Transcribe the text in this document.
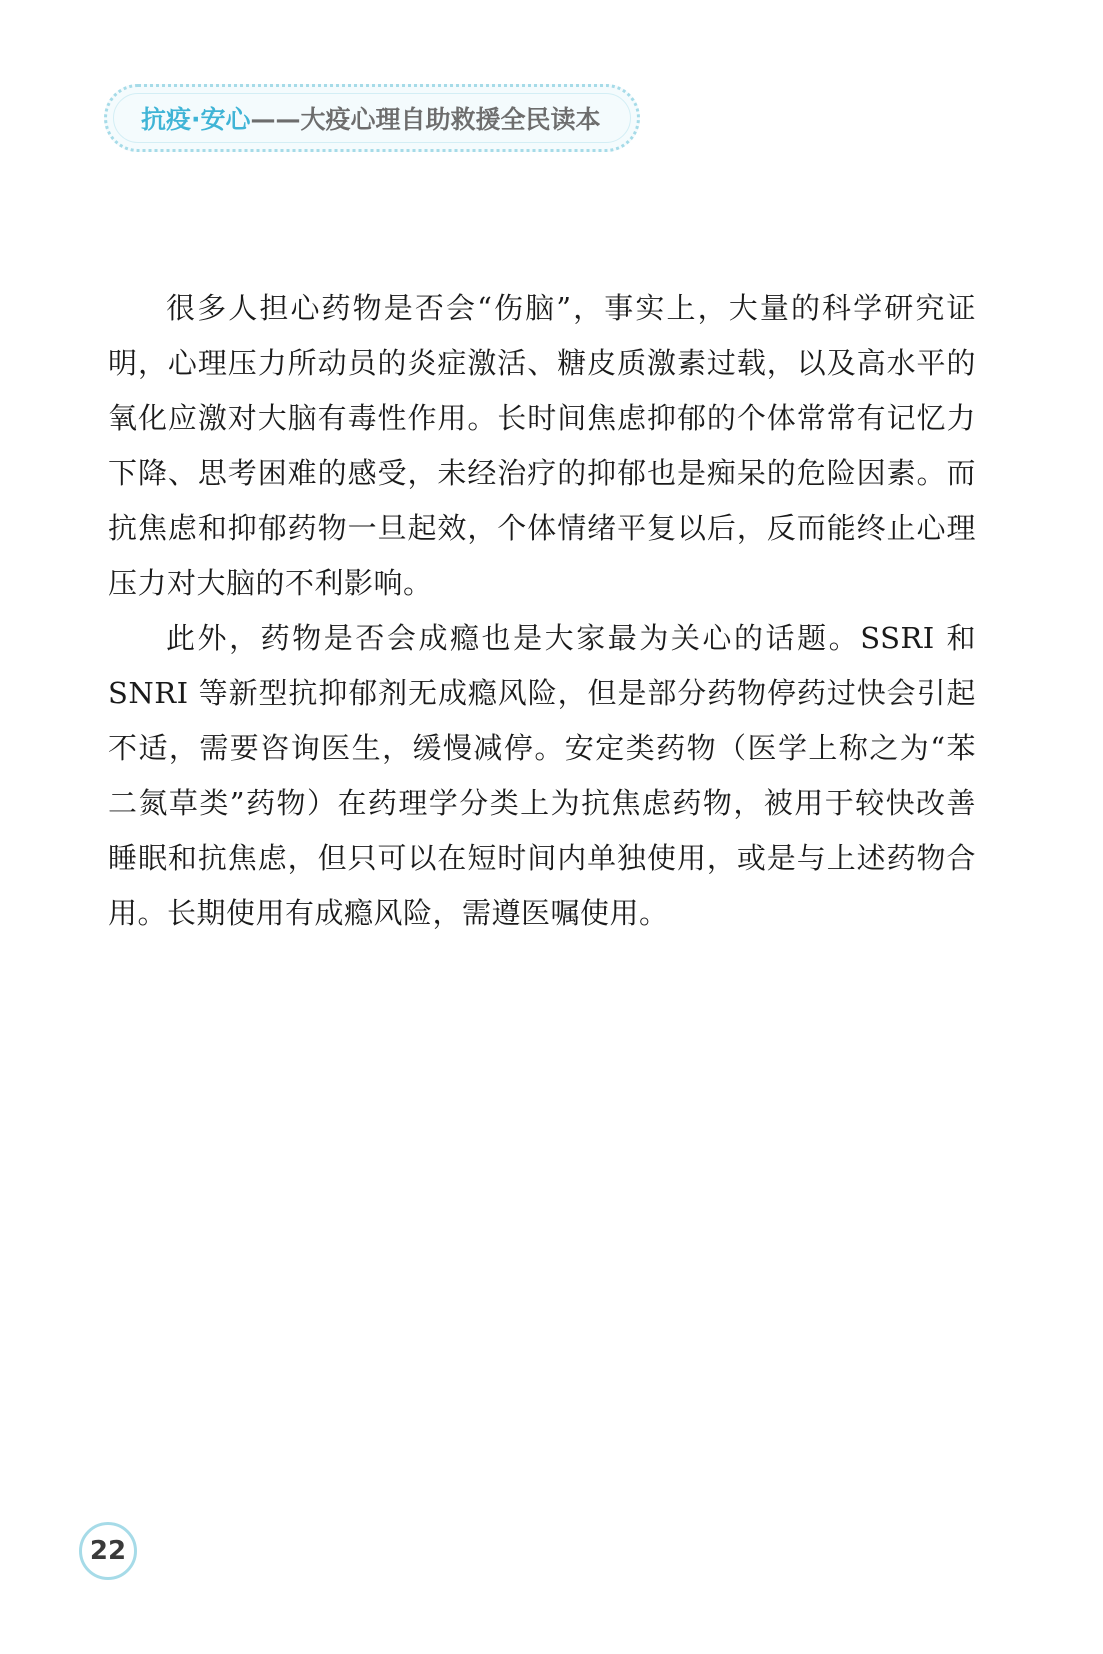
抗疫·安心——大疫心理自助救援全民读本

很多人担心药物是否会“伤脑”，事实上，大量的科学研究证明，心理压力所动员的炎症激活、糖皮质激素过载，以及高水平的氧化应激对大脑有毒性作用。长时间焦虑抑郁的个体常常有记忆力下降、思考困难的感受，未经治疗的抑郁也是痴呆的危险因素。而抗焦虑和抑郁药物一旦起效，个体情绪平复以后，反而能终止心理压力对大脑的不利影响。

此外，药物是否会成瘾也是大家最为关心的话题。SSRI 和 SNRI 等新型抗抑郁剂无成瘾风险，但是部分药物停药过快会引起不适，需要咨询医生，缓慢减停。安定类药物（医学上称之为“苯二氮草类”药物）在药理学分类上为抗焦虑药物，被用于较快改善睡眠和抗焦虑，但只可以在短时间内单独使用，或是与上述药物合用。长期使用有成瘾风险，需遵医嘱使用。

22
